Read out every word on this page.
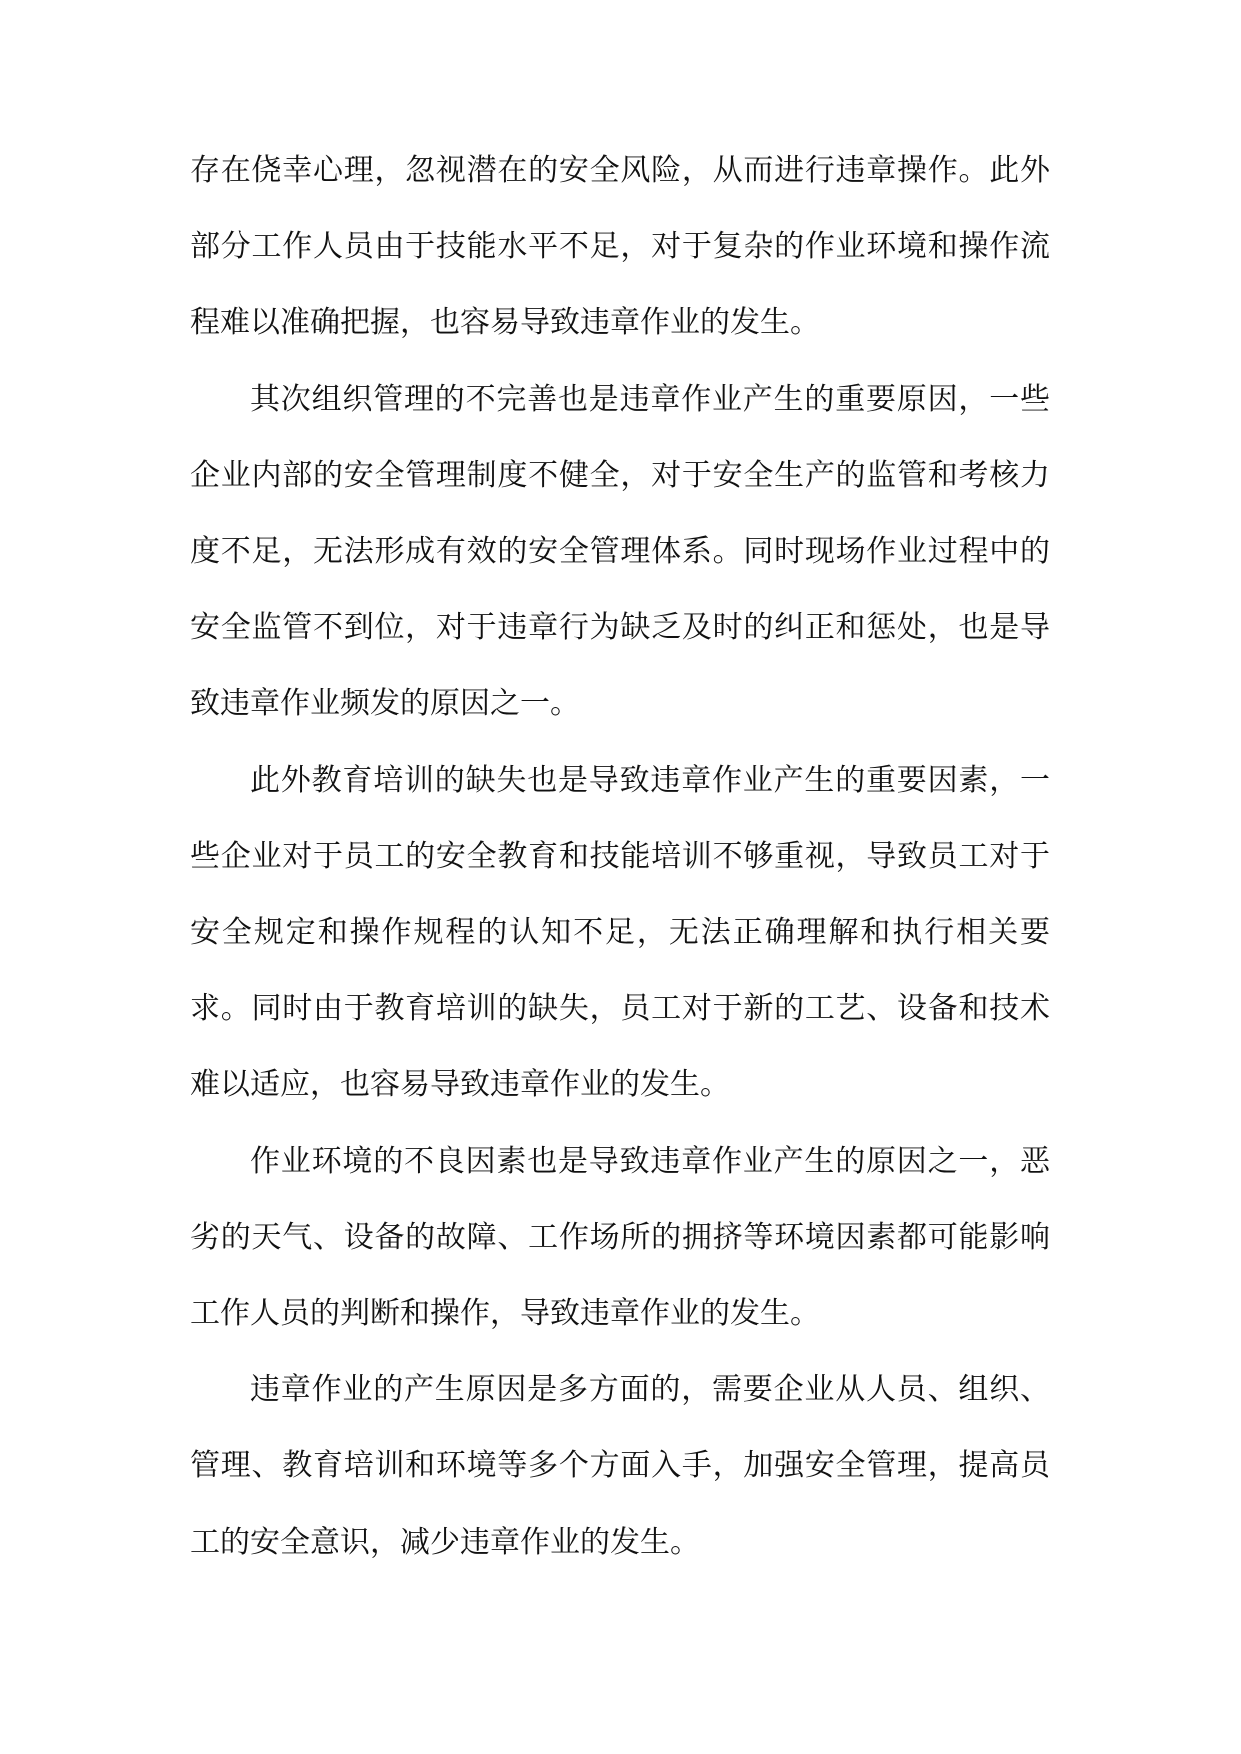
存在侥幸心理，忽视潜在的安全风险，从而进行违章操作。此外部分工作人员由于技能水平不足，对于复杂的作业环境和操作流程难以准确把握，也容易导致违章作业的发生。

其次组织管理的不完善也是违章作业产生的重要原因，一些企业内部的安全管理制度不健全，对于安全生产的监管和考核力度不足，无法形成有效的安全管理体系。同时现场作业过程中的安全监管不到位，对于违章行为缺乏及时的纠正和惩处，也是导致违章作业频发的原因之一。

此外教育培训的缺失也是导致违章作业产生的重要因素，一些企业对于员工的安全教育和技能培训不够重视，导致员工对于安全规定和操作规程的认知不足，无法正确理解和执行相关要求。同时由于教育培训的缺失，员工对于新的工艺、设备和技术难以适应，也容易导致违章作业的发生。

作业环境的不良因素也是导致违章作业产生的原因之一，恶劣的天气、设备的故障、工作场所的拥挤等环境因素都可能影响工作人员的判断和操作，导致违章作业的发生。

违章作业的产生原因是多方面的，需要企业从人员、组织、管理、教育培训和环境等多个方面入手，加强安全管理，提高员工的安全意识，减少违章作业的发生。
